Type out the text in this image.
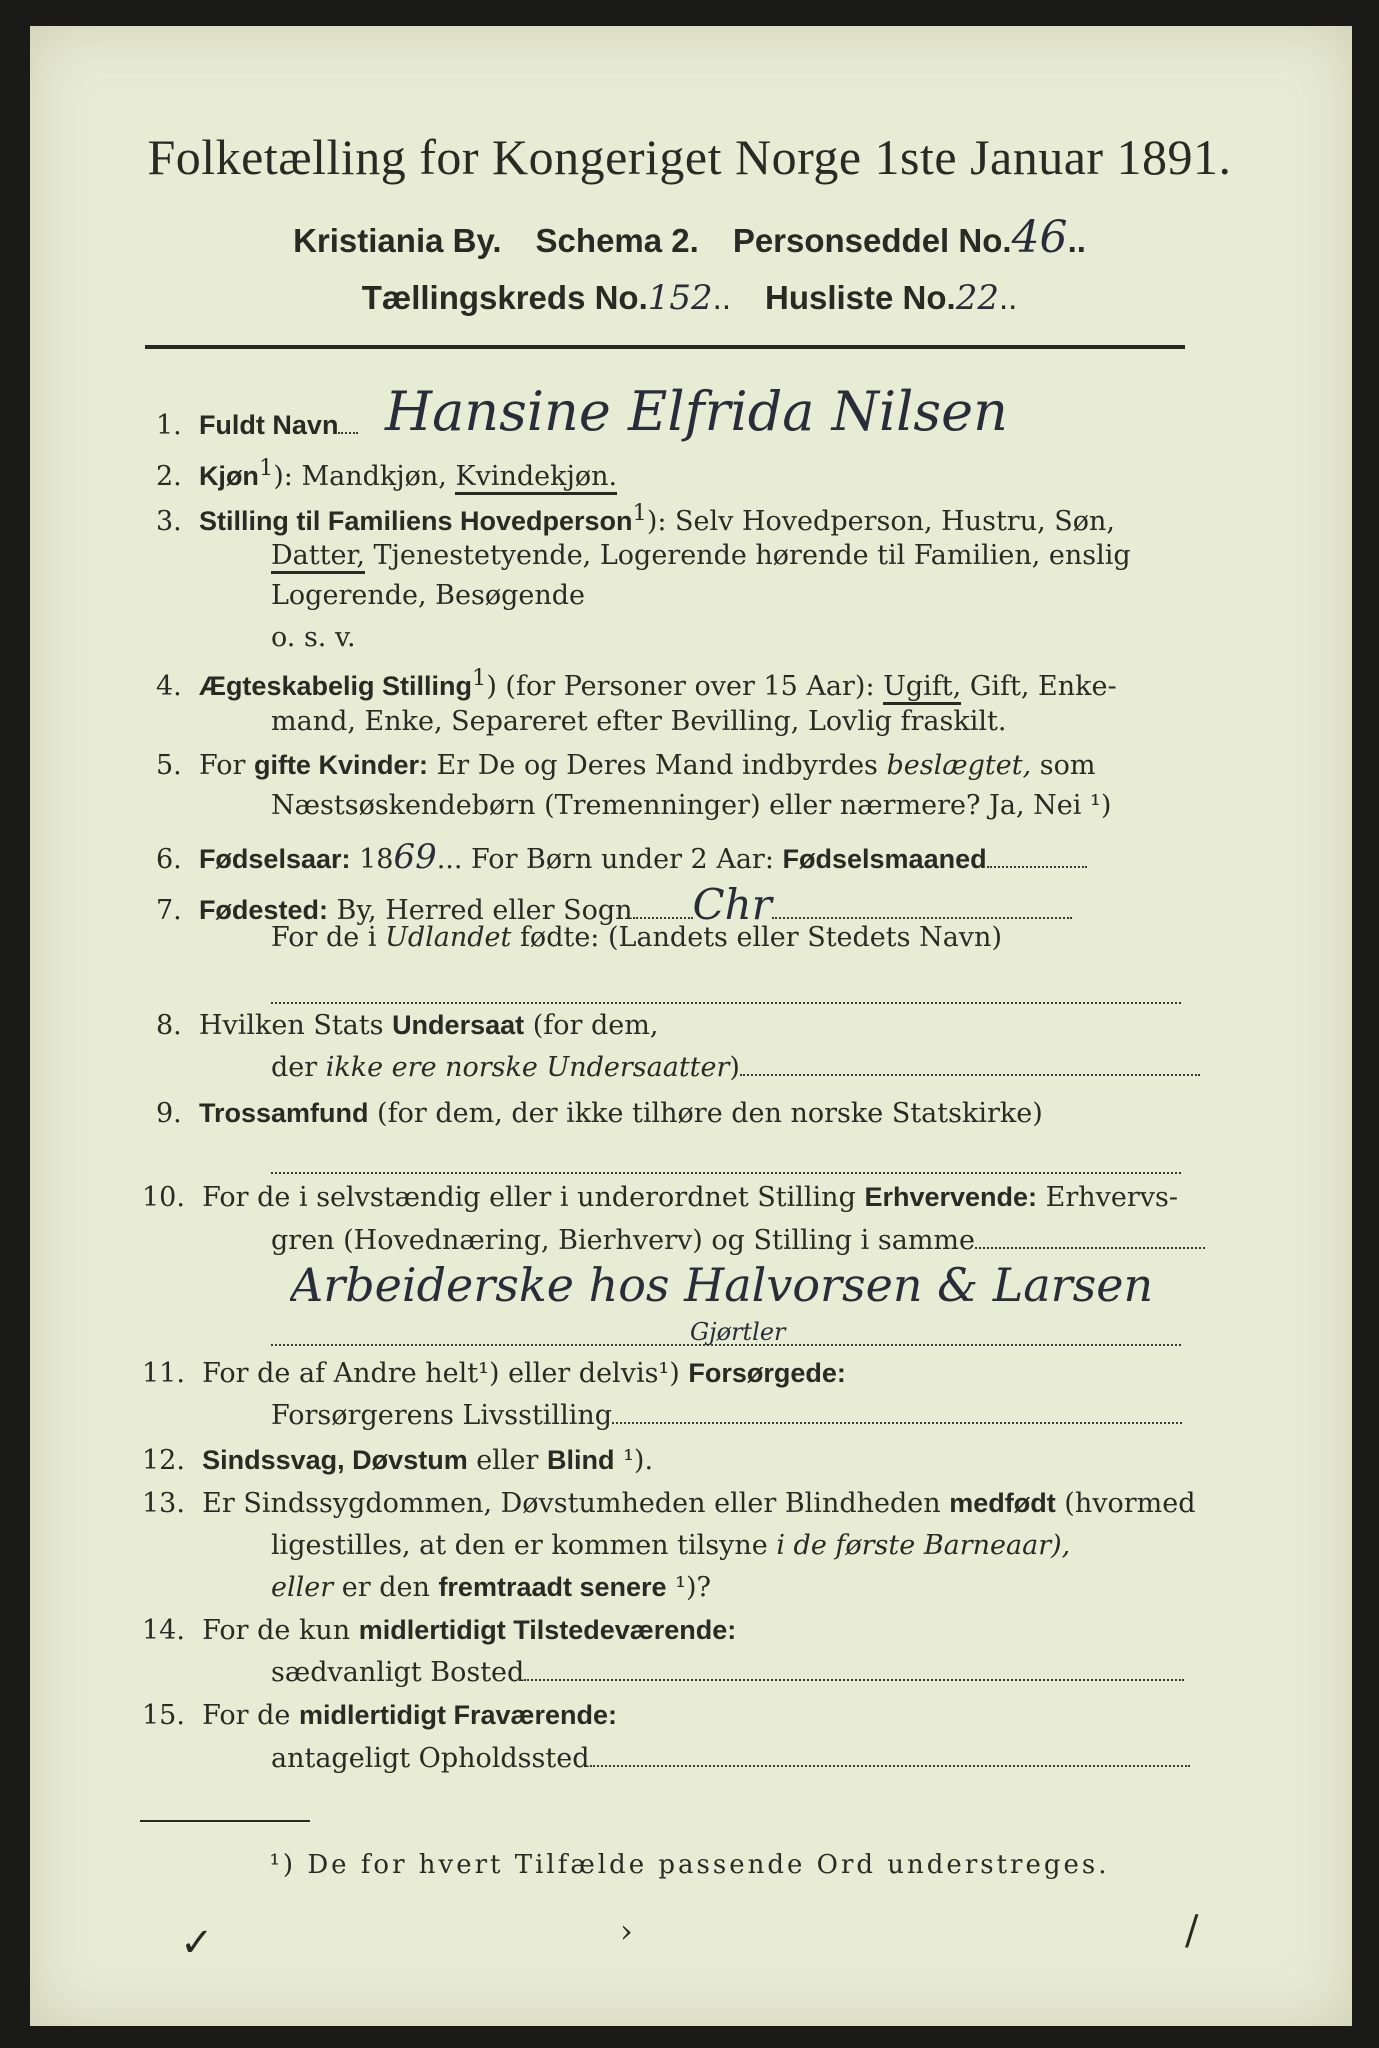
Folketælling for Kongeriget Norge 1ste Januar 1891.
Kristiania By. Schema 2. Personseddel No.46..
Tællingskreds No.152.. Husliste No.22..
1. Fuldt Navn Hansine Elfrida Nilsen
2. Kjøn$^1$): Mandkjøn, Kvindekjøn.
3. Stilling til Familiens Hovedperson$^1$): Selv Hovedperson, Hustru, Søn,
Datter, Tjenestetyende, Logerende hørende til Familien, enslig
Logerende, Besøgende
o. s. v.
4. Ægteskabelig Stilling$^1$) (for Personer over 15 Aar): Ugift, Gift, Enke-
mand, Enke, Separeret efter Bevilling, Lovlig fraskilt.
5. For gifte Kvinder: Er De og Deres Mand indbyrdes beslægtet, som
Næstsøskendebørn (Tremenninger) eller nærmere? Ja, Nei ¹)
6. Fødselsaar: 1869... For Børn under 2 Aar: Fødselsmaaned
7. Fødested: By, Herred eller Sogn Chr
For de i Udlandet fødte: (Landets eller Stedets Navn)
8. Hvilken Stats Undersaat (for dem,
der ikke ere norske Undersaatter)
9. Trossamfund (for dem, der ikke tilhøre den norske Statskirke)
10. For de i selvstændig eller i underordnet Stilling Erhvervende: Erhvervs-
gren (Hovednæring, Bierhverv) og Stilling i samme
Arbeiderske hos Halvorsen & Larsen
Gjørtler
11. For de af Andre helt¹) eller delvis¹) Forsørgede:
Forsørgerens Livsstilling
12. Sindssvag, Døvstum eller Blind ¹).
13. Er Sindssygdommen, Døvstumheden eller Blindheden medfødt (hvormed
ligestilles, at den er kommen tilsyne i de første Barneaar),
eller er den fremtraadt senere ¹)?
14. For de kun midlertidigt Tilstedeværende:
sædvanligt Bosted
15. For de midlertidigt Fraværende:
antageligt Opholdssted
¹) De for hvert Tilfælde passende Ord understreges.
✓	›	/
